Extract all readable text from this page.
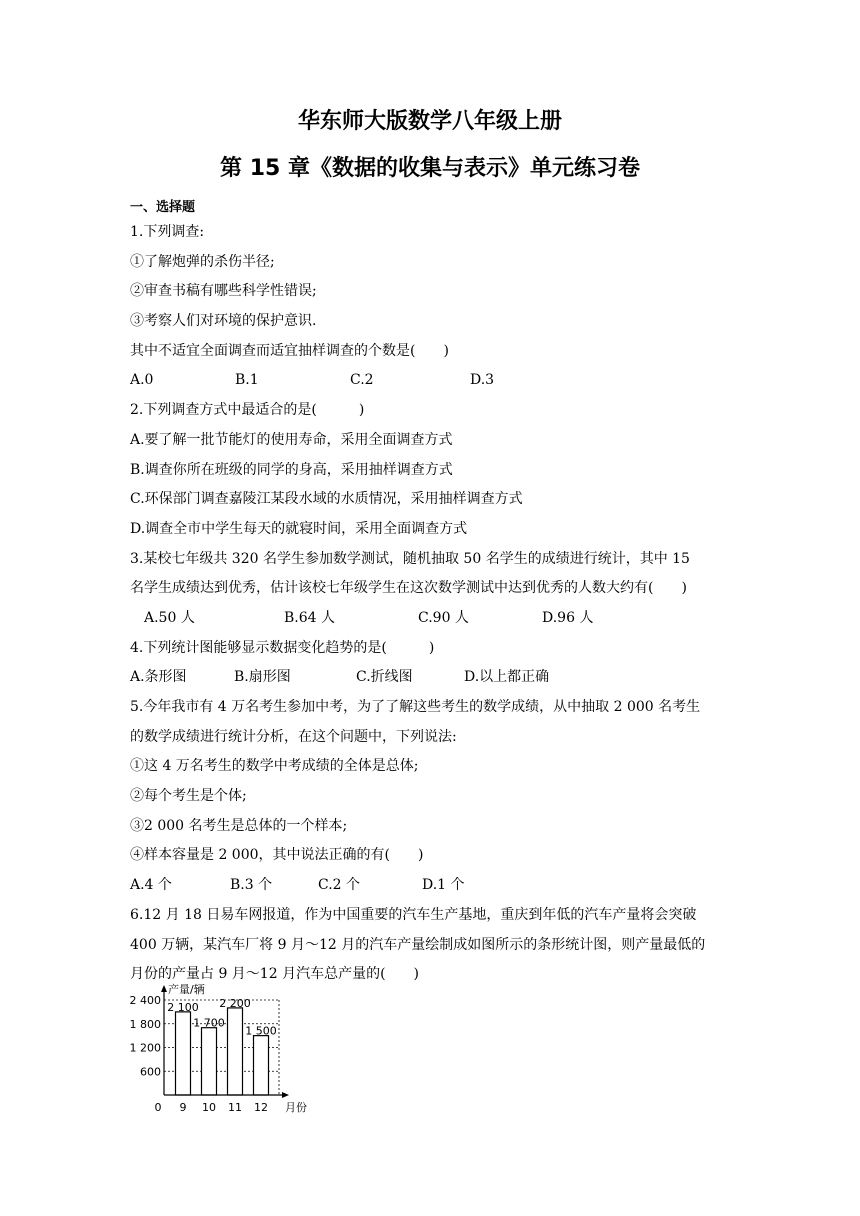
华东师大版数学八年级上册
第 15 章《数据的收集与表示》单元练习卷
一、选择题
1.下列调查:
①了解炮弹的杀伤半径;
②审查书稿有哪些科学性错误;
③考察人们对环境的保护意识.
其中不适宜全面调查而适宜抽样调查的个数是(　　)
A.0	B.1	C.2	D.3
2.下列调查方式中最适合的是(　　　)
A.要了解一批节能灯的使用寿命，采用全面调查方式
B.调查你所在班级的同学的身高，采用抽样调查方式
C.环保部门调查嘉陵江某段水域的水质情况，采用抽样调查方式
D.调查全市中学生每天的就寝时间，采用全面调查方式
3.某校七年级共 320 名学生参加数学测试，随机抽取 50 名学生的成绩进行统计，其中 15
名学生成绩达到优秀，估计该校七年级学生在这次数学测试中达到优秀的人数大约有(　　)
A.50 人	B.64 人	C.90 人	D.96 人
4.下列统计图能够显示数据变化趋势的是(　　　)
A.条形图	B.扇形图	C.折线图	D.以上都正确
5.今年我市有 4 万名考生参加中考，为了了解这些考生的数学成绩，从中抽取 2 000 名考生
的数学成绩进行统计分析，在这个问题中，下列说法:
①这 4 万名考生的数学中考成绩的全体是总体;
②每个考生是个体;
③2 000 名考生是总体的一个样本;
④样本容量是 2 000，其中说法正确的有(　　)
A.4 个	B.3 个	C.2 个	D.1 个
6.12 月 18 日易车网报道，作为中国重要的汽车生产基地，重庆到年低的汽车产量将会突破
400 万辆，某汽车厂将 9 月～12 月的汽车产量绘制成如图所示的条形统计图，则产量最低的
月份的产量占 9 月～12 月汽车总产量的(　　)
600
1 200
1 800
2 400
2 100
9
1 700
10
2 200
11
1 500
12
0
产量/辆
月份
